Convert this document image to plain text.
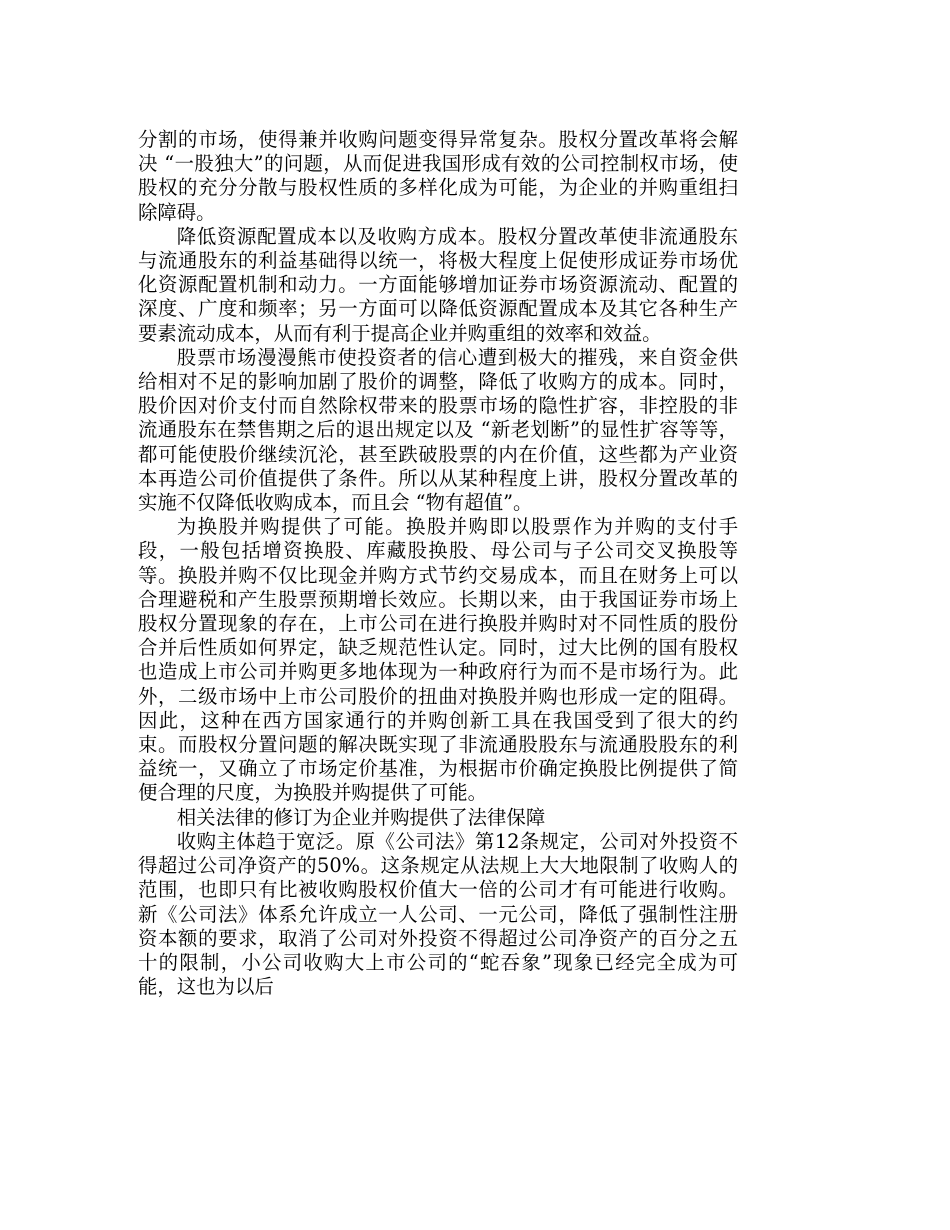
分割的市场，使得兼并收购问题变得异常复杂。股权分置改革将会解决 “一股独大”的问题，从而促进我国形成有效的公司控制权市场，使股权的充分分散与股权性质的多样化成为可能，为企业的并购重组扫除障碍。

降低资源配置成本以及收购方成本。股权分置改革使非流通股东与流通股东的利益基础得以统一，将极大程度上促使形成证券市场优化资源配置机制和动力。一方面能够增加证券市场资源流动、配置的深度、广度和频率；另一方面可以降低资源配置成本及其它各种生产要素流动成本，从而有利于提高企业并购重组的效率和效益。

股票市场漫漫熊市使投资者的信心遭到极大的摧残，来自资金供给相对不足的影响加剧了股价的调整，降低了收购方的成本。同时，股价因对价支付而自然除权带来的股票市场的隐性扩容，非控股的非流通股东在禁售期之后的退出规定以及 “新老划断”的显性扩容等等，都可能使股价继续沉沦，甚至跌破股票的内在价值，这些都为产业资本再造公司价值提供了条件。所以从某种程度上讲，股权分置改革的实施不仅降低收购成本，而且会 “物有超值”。

为换股并购提供了可能。换股并购即以股票作为并购的支付手段，一般包括增资换股、库藏股换股、母公司与子公司交叉换股等等。换股并购不仅比现金并购方式节约交易成本，而且在财务上可以合理避税和产生股票预期增长效应。长期以来，由于我国证券市场上股权分置现象的存在，上市公司在进行换股并购时对不同性质的股份合并后性质如何界定，缺乏规范性认定。同时，过大比例的国有股权也造成上市公司并购更多地体现为一种政府行为而不是市场行为。此外，二级市场中上市公司股价的扭曲对换股并购也形成一定的阻碍。因此，这种在西方国家通行的并购创新工具在我国受到了很大的约束。而股权分置问题的解决既实现了非流通股股东与流通股股东的利益统一，又确立了市场定价基准，为根据市价确定换股比例提供了简便合理的尺度，为换股并购提供了可能。

相关法律的修订为企业并购提供了法律保障

收购主体趋于宽泛。原《公司法》第12条规定，公司对外投资不得超过公司净资产的50%。这条规定从法规上大大地限制了收购人的范围，也即只有比被收购股权价值大一倍的公司才有可能进行收购。新《公司法》体系允许成立一人公司、一元公司，降低了强制性注册资本额的要求，取消了公司对外投资不得超过公司净资产的百分之五十的限制，小公司收购大上市公司的“蛇吞象”现象已经完全成为可能，这也为以后
